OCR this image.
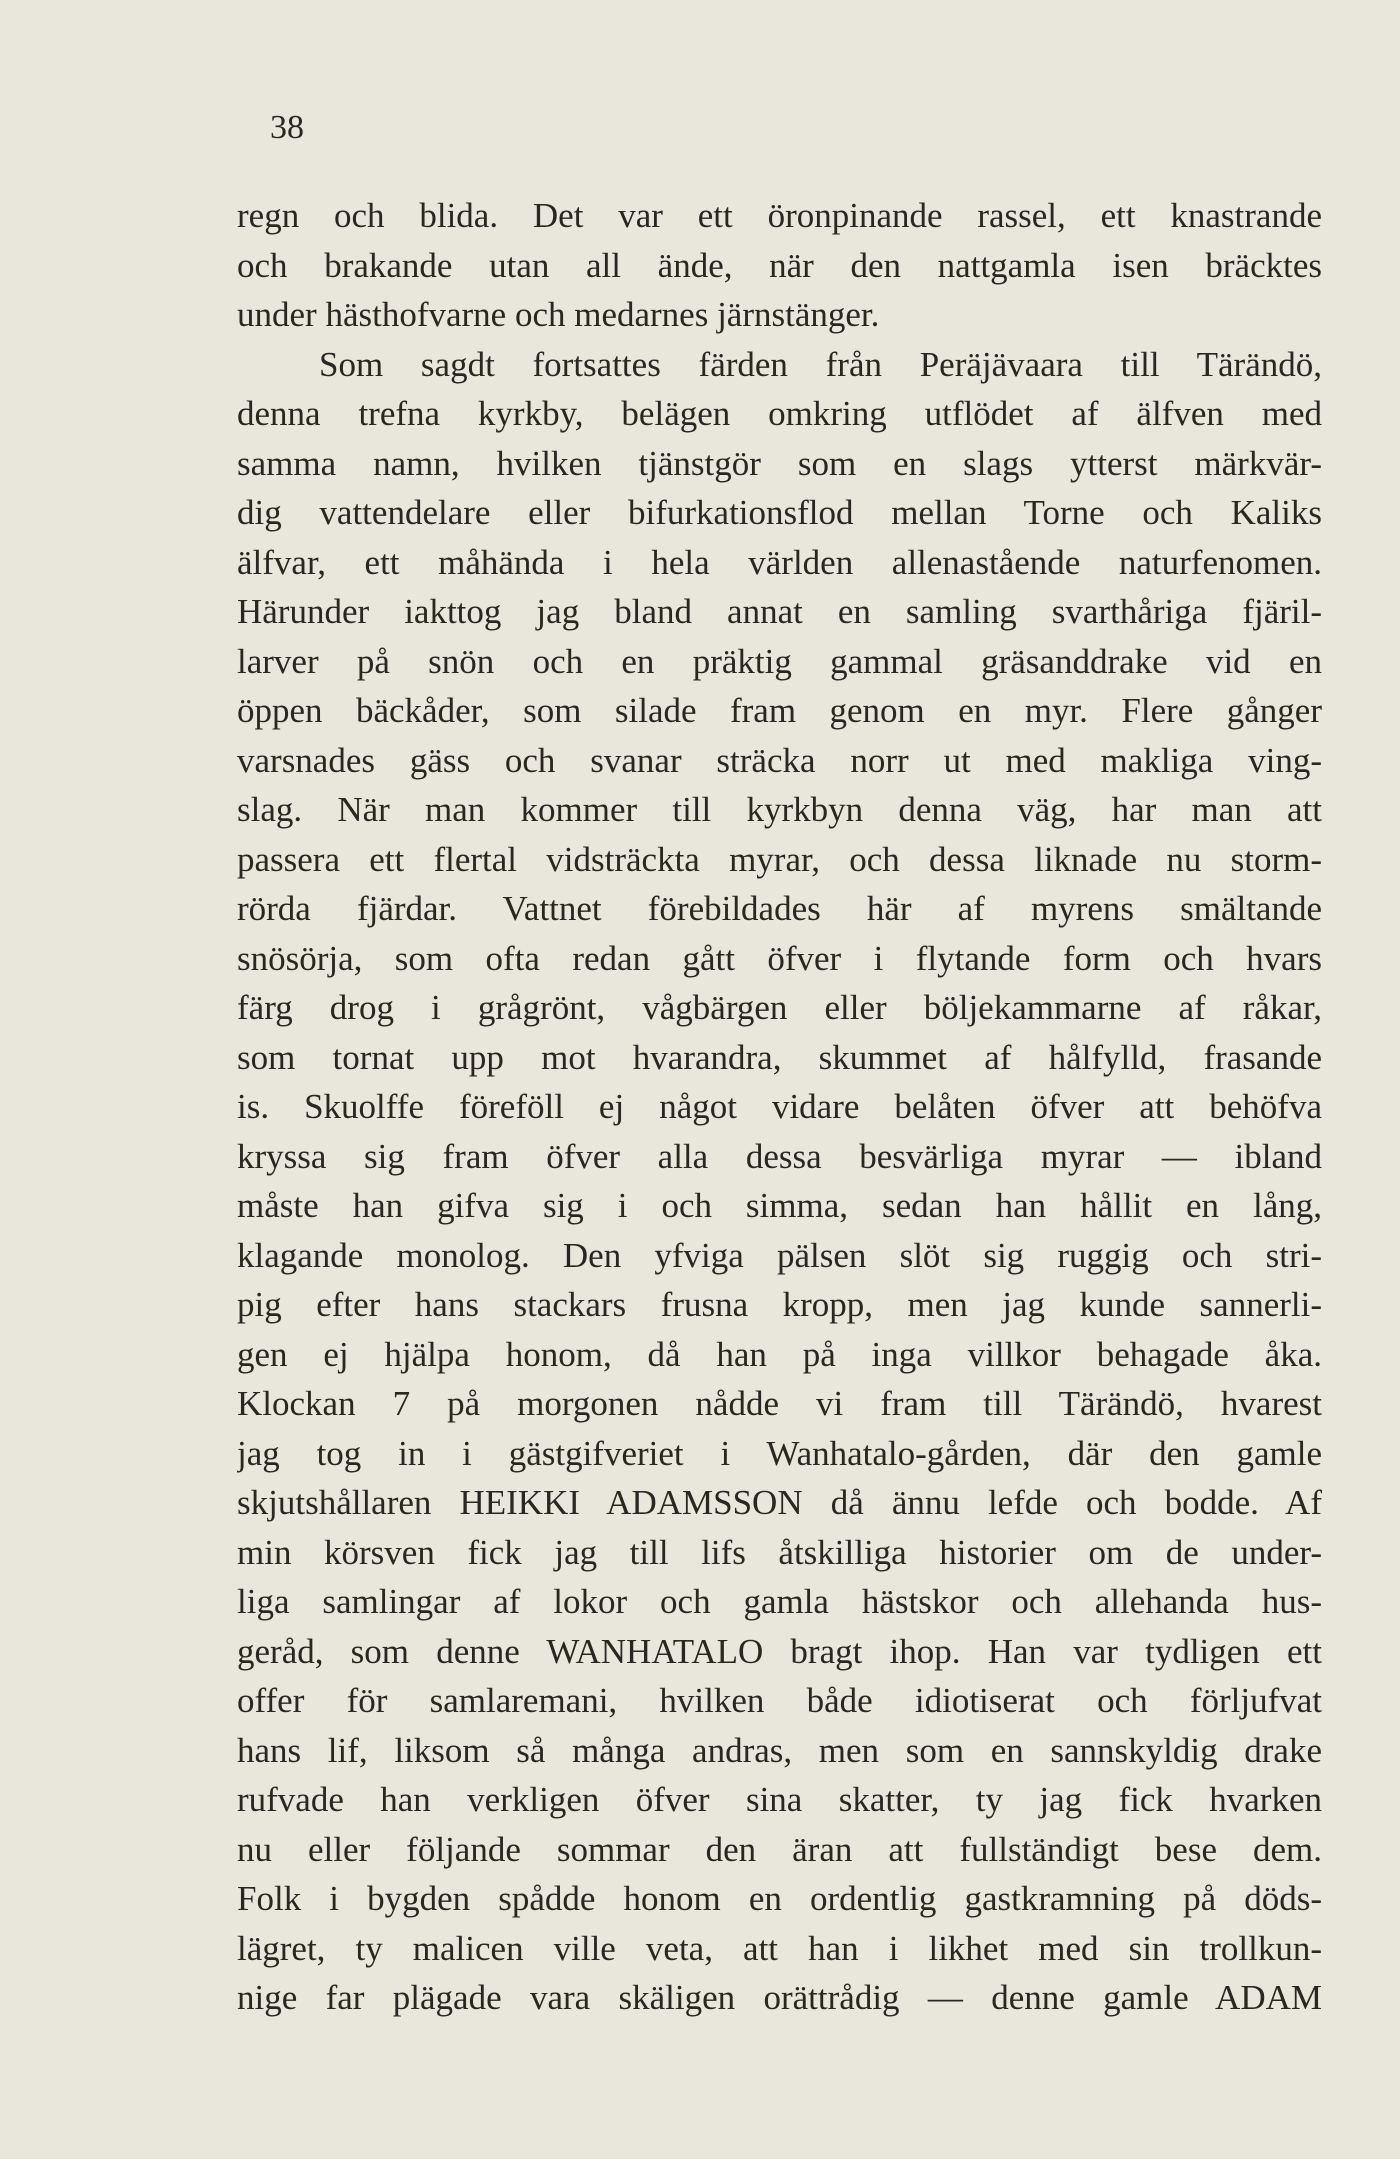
38
regn och blida. Det var ett öronpinande rassel, ett knastrande
och brakande utan all ände, när den nattgamla isen bräcktes
under hästhofvarne och medarnes järnstänger.
Som sagdt fortsattes färden från Peräjävaara till Tärändö,
denna trefna kyrkby, belägen omkring utflödet af älfven med
samma namn, hvilken tjänstgör som en slags ytterst märkvär-
dig vattendelare eller bifurkationsflod mellan Torne och Kaliks
älfvar, ett måhända i hela världen allenastående naturfenomen.
Härunder iakttog jag bland annat en samling svarthåriga fjäril-
larver på snön och en präktig gammal gräsanddrake vid en
öppen bäckåder, som silade fram genom en myr. Flere gånger
varsnades gäss och svanar sträcka norr ut med makliga ving-
slag. När man kommer till kyrkbyn denna väg, har man att
passera ett flertal vidsträckta myrar, och dessa liknade nu storm-
rörda fjärdar. Vattnet förebildades här af myrens smältande
snösörja, som ofta redan gått öfver i flytande form och hvars
färg drog i grågrönt, vågbärgen eller böljekammarne af råkar,
som tornat upp mot hvarandra, skummet af hålfylld, frasande
is. Skuolffe föreföll ej något vidare belåten öfver att behöfva
kryssa sig fram öfver alla dessa besvärliga myrar — ibland
måste han gifva sig i och simma, sedan han hållit en lång,
klagande monolog. Den yfviga pälsen slöt sig ruggig och stri-
pig efter hans stackars frusna kropp, men jag kunde sannerli-
gen ej hjälpa honom, då han på inga villkor behagade åka.
Klockan 7 på morgonen nådde vi fram till Tärändö, hvarest
jag tog in i gästgifveriet i Wanhatalo-gården, där den gamle
skjutshållaren HEIKKI ADAMSSON då ännu lefde och bodde. Af
min körsven fick jag till lifs åtskilliga historier om de under-
liga samlingar af lokor och gamla hästskor och allehanda hus-
geråd, som denne WANHATALO bragt ihop. Han var tydligen ett
offer för samlaremani, hvilken både idiotiserat och förljufvat
hans lif, liksom så många andras, men som en sannskyldig drake
rufvade han verkligen öfver sina skatter, ty jag fick hvarken
nu eller följande sommar den äran att fullständigt bese dem.
Folk i bygden spådde honom en ordentlig gastkramning på döds-
lägret, ty malicen ville veta, att han i likhet med sin trollkun-
nige far plägade vara skäligen orättrådig — denne gamle ADAM
